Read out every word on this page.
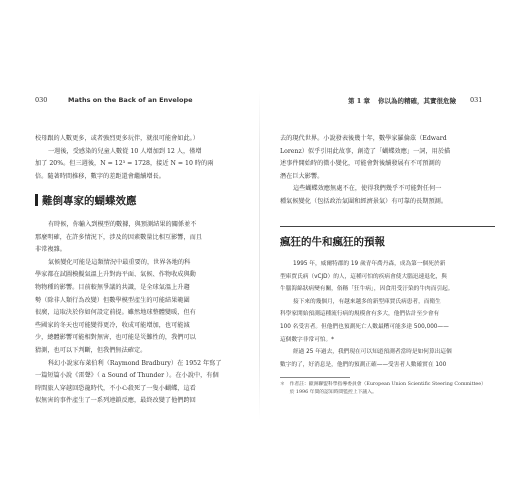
030	Maths on the Back of an Envelope
校母跟的人數更多，或者強烈更多玩伴，就很可能會如此。）
一週後，受感染的兒童人數從 10 人增加到 12 人，僅增
加了 20%。但三週後，N = 12³ = 1728，接近 N = 10 時的兩
倍。隨著時間推移，數字的差距還會繼續增長。
難倒專家的蝴蝶效應
有時候，你輸入到模型的數據，與預測結果的關係並不
那麼明確，在許多情況下，涉及的因素數量比相互影響，而且
非常複雜。
氣候變化可能是這類情況中最重要的，世界各地的科
學家都在試圖模擬氣溫上升對海平面、氣候、作物收成與動
物物種的影響。目前較無爭議的共識，是全球氣溫上升趨
勢（除非人類行為改變）但數學模型產生的可能結果範圍
很廣，這取決於你如何設定前提。雖然地球整體變暖，但有
些國家的冬天也可能變得更冷，收成可能增加，也可能減
少，總體影響可能相對無害，也可能是災難性的，我們可以
猜測，也可以下判斷，但我們無法確定。
科幻小說家布萊伯利（Raymond Bradbury）在 1952 年寫了
一篇短篇小說《雷聲》（ a Sound of Thunder ）。在小說中，有個
時間旅人穿越回恐龍時代，不小心殺死了一隻小蝴蝶，這看
似無害的事件產生了一系列連鎖反應，最終改變了他們跨回
第 1 章 你以為的精確，其實很危險 031
去的現代世界。小說發表後幾十年，數學家羅倫茲（Edward
Lorenz）似乎引用此故事，創造了「蝴蝶效應」一詞，用於描
述事件開始時的微小變化，可能會對後續發展有不可預測的
潛在巨大影響。
這些蝴蝶效應無處不在，使得我們幾乎不可能對任何一
種氣候變化（包括政治氣圍和經濟景氣）有可靠的長期預測。
瘋狂的牛和瘋狂的預報
1995 年，威爾特郡的 19 歲青年喬丹森，成為第一個死於新
型庫賈氏病（vCJD）的人，這種可怕的疾病會使大腦迅速退化，與
牛腦海綿狀病變有關，俗稱「狂牛病」，因食用受汙染的牛肉而引起。
接下來的幾個月，有越來越多的新型庫賈氏病患者，而衛生
科學家開始預測這種流行病的規模會有多大，他們估計至少會有
100 名受害者。但他們也預測死亡人數最糟可能多達 500,000——
這個數字非常可怕。*
經過 25 年過去，我們現在可以知道預測者當時是如何算出這個
數字的了，好消息是，他們的預測正確——受害者人數確實在 100
＊　作者註：歐洲聯盟科學指導委員會（European Union Scientific Steering Committee）
　　於 1996 年間的認知時間監控上下議入。
